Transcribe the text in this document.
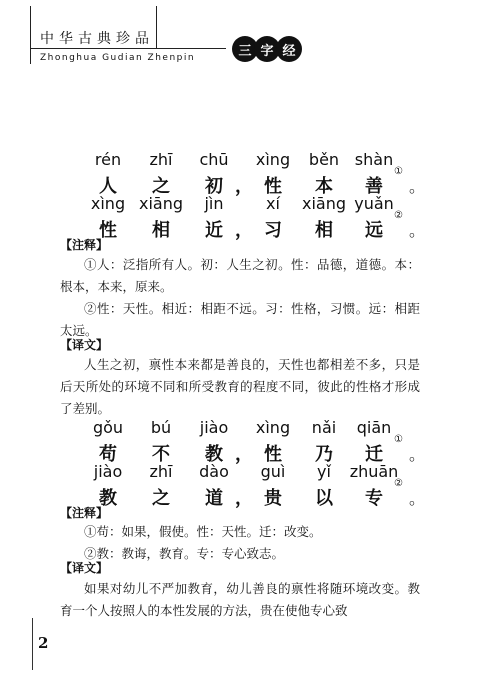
中华古典珍品
Zhonghua Gudian Zhenpin	三 字 经
rén zhī chū xìng běn shàn
人 之 初 ， 性 本 善
①
。
xìng xiāng jìn	xí xiāng yuǎn
性 相 近 ， 习 相 远
②
。
【注释】

①人：泛指所有人。初：人生之初。性：品德，道德。本：根本，本来，原来。

②性：天性。相近：相距不远。习：性格，习惯。远：相距太远。

【译文】

人生之初，禀性本来都是善良的，天性也都相差不多，只是后天所处的环境不同和所受教育的程度不同，彼此的性格才形成了差别。

gǒu bú jiào xìng nǎi qiān
苟 不 教 ， 性 乃 迁
①
。
jiào zhī dào guì yǐ zhuān
教 之 道 ， 贵 以 专
②
。
【注释】

①苟：如果，假使。性：天性。迁：改变。

②教：教诲，教育。专：专心致志。

【译文】

如果对幼儿不严加教育，幼儿善良的禀性将随环境改变。教育一个人按照人的本性发展的方法，贵在使他专心致

2
